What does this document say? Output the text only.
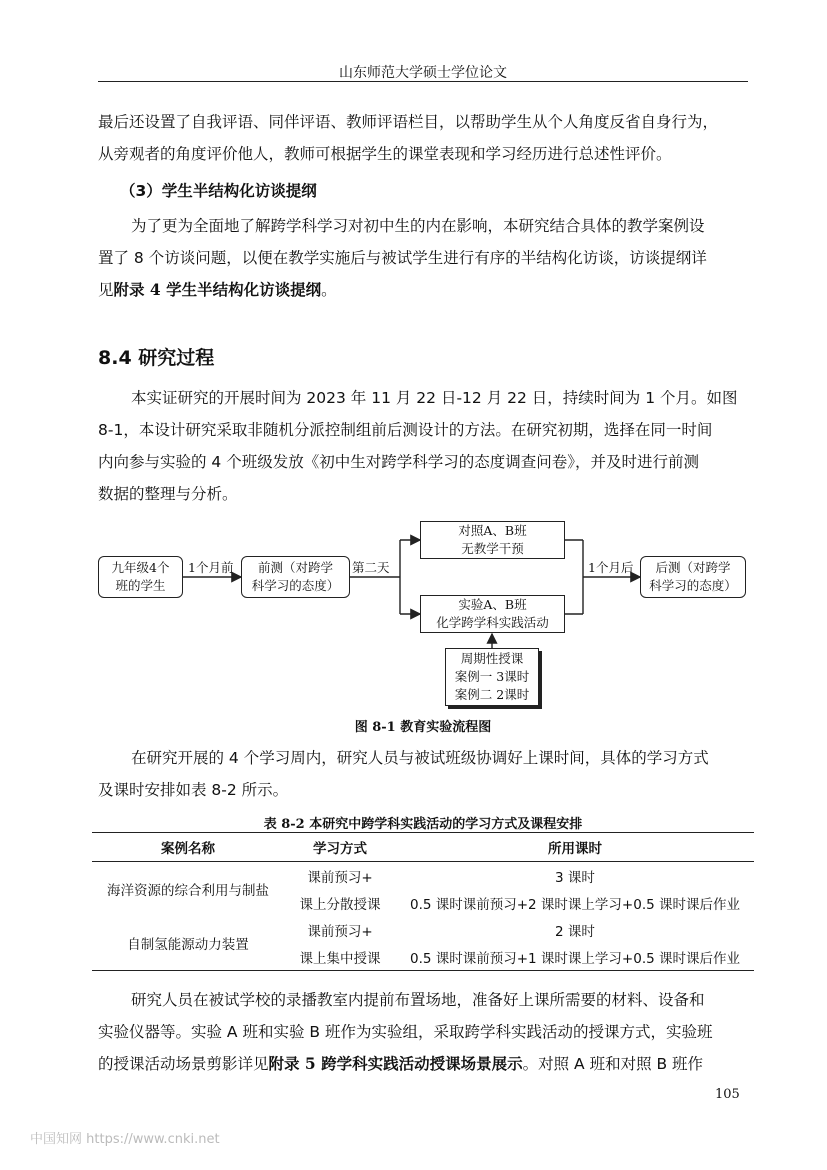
山东师范大学硕士学位论文
最后还设置了自我评语、同伴评语、教师评语栏目，以帮助学生从个人角度反省自身行为，
从旁观者的角度评价他人，教师可根据学生的课堂表现和学习经历进行总述性评价。
（3）学生半结构化访谈提纲
为了更为全面地了解跨学科学习对初中生的内在影响，本研究结合具体的教学案例设
置了 8 个访谈问题，以便在教学实施后与被试学生进行有序的半结构化访谈，访谈提纲详
见附录 4 学生半结构化访谈提纲。
8.4 研究过程
本实证研究的开展时间为 2023 年 11 月 22 日-12 月 22 日，持续时间为 1 个月。如图
8-1，本设计研究采取非随机分派控制组前后测设计的方法。在研究初期，选择在同一时间
内向参与实验的 4 个班级发放《初中生对跨学科学习的态度调查问卷》，并及时进行前测
数据的整理与分析。
九年级4个
班的学生
1个月前 前测（对跨学
科学习的态度）
第二天
对照A、B班
无教学干预
实验A、B班
化学跨学科实践活动
1个月后 后测（对跨学
科学习的态度）
周期性授课
案例一 3课时
案例二 2课时
图 8-1 教育实验流程图
在研究开展的 4 个学习周内，研究人员与被试班级协调好上课时间，具体的学习方式
及课时安排如表 8-2 所示。
表 8-2 本研究中跨学科实践活动的学习方式及课程安排
案例名称	学习方式	所用课时
海洋资源的综合利用与制盐	课前预习+	3 课时
	课上分散授课	0.5 课时课前预习+2 课时课上学习+0.5 课时课后作业
自制氢能源动力装置	课前预习+	2 课时
	课上集中授课	0.5 课时课前预习+1 课时课上学习+0.5 课时课后作业
研究人员在被试学校的录播教室内提前布置场地，准备好上课所需要的材料、设备和
实验仪器等。实验 A 班和实验 B 班作为实验组，采取跨学科实践活动的授课方式，实验班
的授课活动场景剪影详见附录 5 跨学科实践活动授课场景展示。对照 A 班和对照 B 班作
105
中国知网 https://www.cnki.net
